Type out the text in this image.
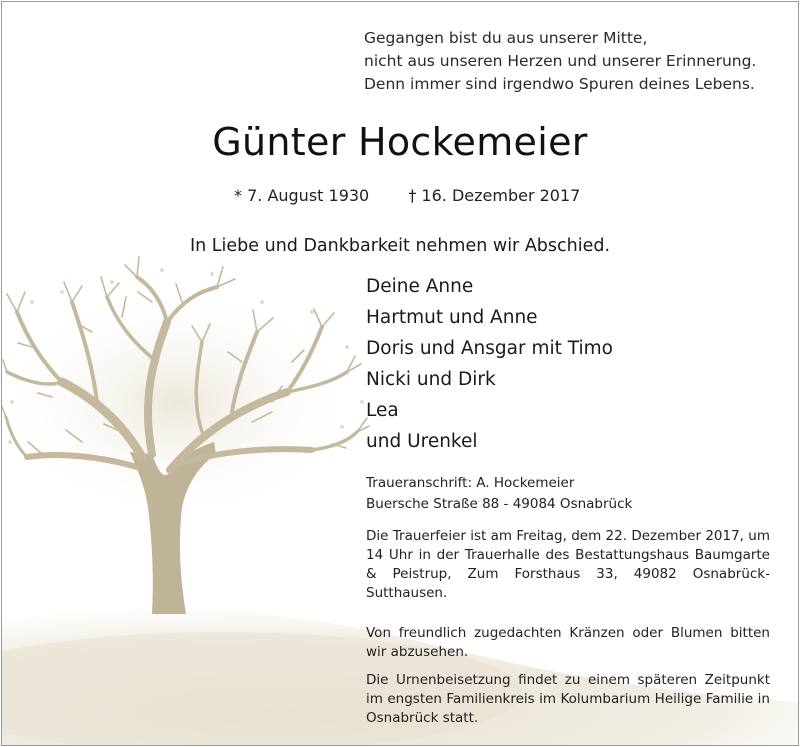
Gegangen bist du aus unserer Mitte,
nicht aus unseren Herzen und unserer Erinnerung.
Denn immer sind irgendwo Spuren deines Lebens.
Günter Hockemeier
* 7. August 1930 † 16. Dezember 2017
In Liebe und Dankbarkeit nehmen wir Abschied.
Deine Anne
Hartmut und Anne
Doris und Ansgar mit Timo
Nicki und Dirk
Lea
und Urenkel
Traueranschrift: A. Hockemeier
Buersche Straße 88 - 49084 Osnabrück

Die Trauerfeier ist am Freitag, dem 22. Dezember 2017, um 14 Uhr in der Trauerhalle des Bestattungshaus Baumgarte & Peistrup, Zum Forsthaus 33, 49082 Osnabrück-Sutthausen.

Von freundlich zugedachten Kränzen oder Blumen bitten wir abzusehen.

Die Urnenbeisetzung findet zu einem späteren Zeitpunkt im engsten Familienkreis im Kolumbarium Heilige Familie in Osnabrück statt.
